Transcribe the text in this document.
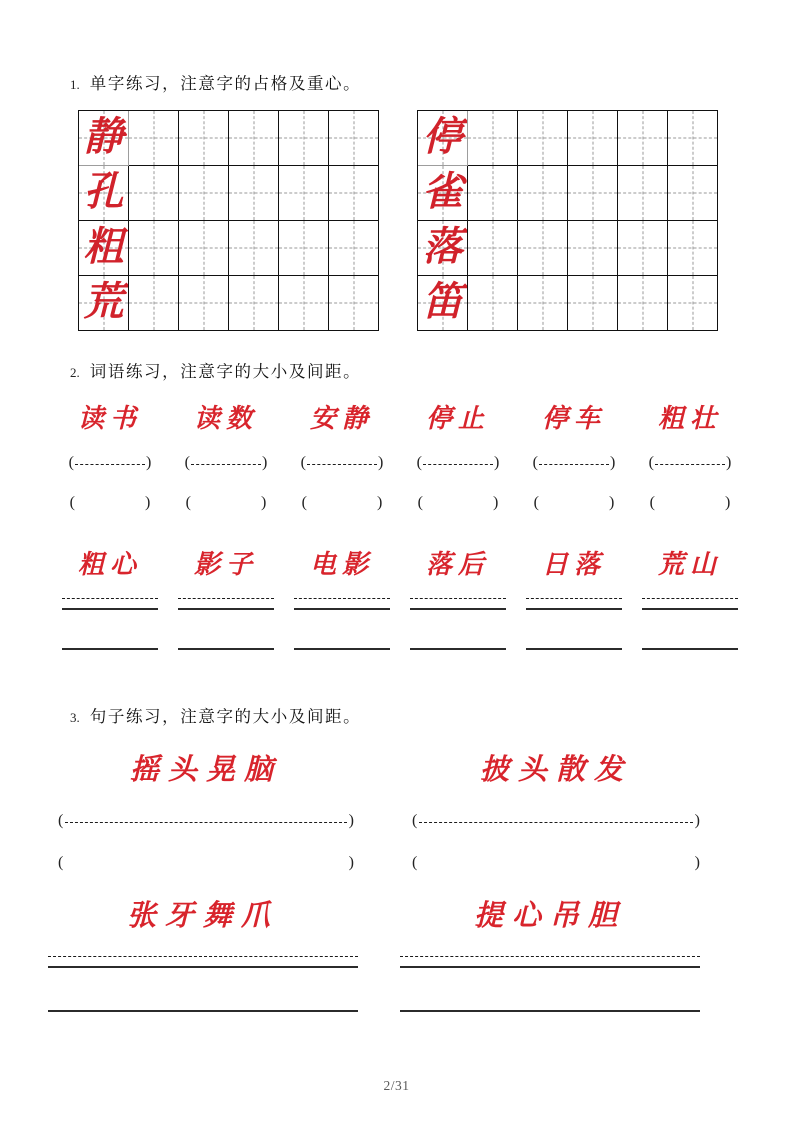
1. 单字练习，注意字的占格及重心。
静
孔
粗
荒
停
雀
落
笛
2. 词语练习，注意字的大小及间距。
读书
(	)
(	)
读数
(	)
(	)
安静
(	)
(	)
停止
(	)
(	)
停车
(	)
(	)
粗壮
(	)
(	)
粗心	影子	电影	落后	日落	荒山
3. 句子练习，注意字的大小及间距。
摇头晃脑
(	)
(	)
披头散发
(	)
(	)
张牙舞爪	提心吊胆
2/31
